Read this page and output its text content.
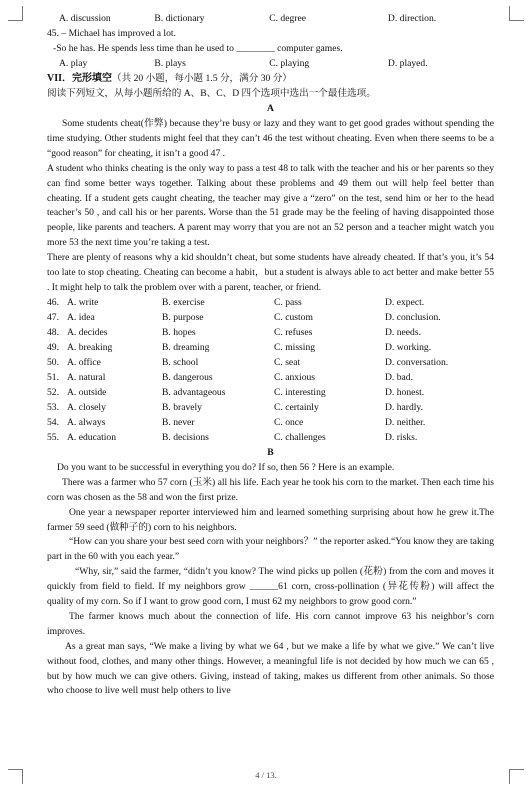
A. discussion	B. dictionary	C. degree	D. direction.
45. – Michael has improved a lot.
-So he has. He spends less time than he used to ________ computer games.
A. play	B. plays	C. playing	D. played.
VII．完形填空（共 20 小题，每小题 1.5 分，满分 30 分）
阅读下列短文，从每小题所给的 A、B、C、D 四个选项中选出一个最佳选项。
A

Some students cheat(作弊) because they’re busy or lazy and they want to get good grades without spending the time studying. Other students might feel that they can’t 46 the test without cheating. Even when there seems to be a “good reason” for cheating, it isn’t a good 47 .

A student who thinks cheating is the only way to pass a test 48 to talk with the teacher and his or her parents so they can find some better ways together. Talking about these problems and 49 them out will help feel better than cheating. If a student gets caught cheating, the teacher may give a “zero” on the test, send him or her to the head teacher’s 50 , and call his or her parents. Worse than the 51 grade may be the feeling of having disappointed those people, like parents and teachers. A parent may worry that you are not an 52 person and a teacher might watch you more 53 the next time you’re taking a test.

There are plenty of reasons why a kid shouldn’t cheat, but some students have already cheated. If that’s you, it’s 54 too late to stop cheating. Cheating can become a habit，but a student is always able to act better and make better 55 . It might help to talk the problem over with a parent, teacher, or friend.

46. A. write	B. exercise	C. pass	D. expect.
47. A. idea	B. purpose	C. custom	D. conclusion.
48. A. decides	B. hopes	C. refuses	D. needs.
49. A. breaking	B. dreaming	C. missing	D. working.
50. A. office	B. school	C. seat	D. conversation.
51. A. natural	B. dangerous	C. anxious	D. bad.
52. A. outside	B. advantageous	C. interesting	D. honest.
53. A. closely	B. bravely	C. certainly	D. hardly.
54. A. always	B. never	C. once	D. neither.
55. A. education	B. decisions	C. challenges	D. risks.
B

Do you want to be successful in everything you do? If so, then 56 ? Here is an example.

There was a farmer who 57 corn (玉米) all his life. Each year he took his corn to the market. Then each time his corn was chosen as the 58 and won the first prize.

One year a newspaper reporter interviewed him and learned something surprising about how he grew it.The farmer 59 seed (做种子的) corn to his neighbors.

“How can you share your best seed corn with your neighbors？” the reporter asked.“You know they are taking part in the 60 with you each year.”

“Why, sir,” said the farmer, “didn’t you know? The wind picks up pollen (花粉) from the corn and moves it quickly from field to field. If my neighbors grow ______61 corn, cross-pollination (异花传粉) will affect the quality of my corn. So if I want to grow good corn, I must 62 my neighbors to grow good corn.”

The farmer knows much about the connection of life. His corn cannot improve 63 his neighbor’s corn improves.

As a great man says, “We make a living by what we 64 , but we make a life by what we give.” We can’t live without food, clothes, and many other things. However, a meaningful life is not decided by how much we can 65 , but by how much we can give others. Giving, instead of taking, makes us different from other animals. So those who choose to live well must help others to live

4 / 13.
